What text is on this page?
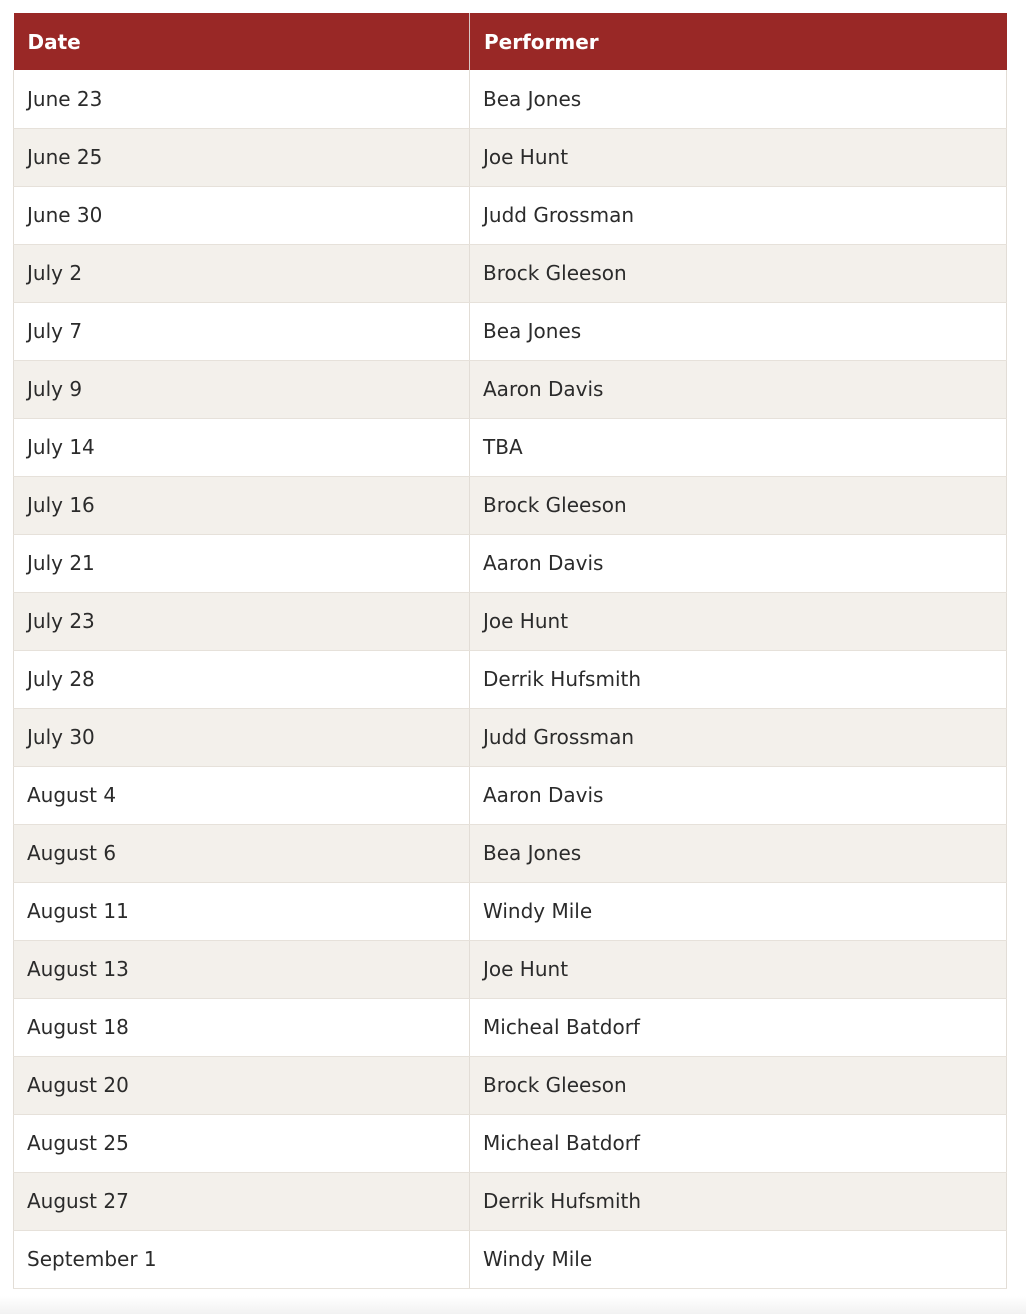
Date	Performer
June 23	Bea Jones
June 25	Joe Hunt
June 30	Judd Grossman
July 2	Brock Gleeson
July 7	Bea Jones
July 9	Aaron Davis
July 14	TBA
July 16	Brock Gleeson
July 21	Aaron Davis
July 23	Joe Hunt
July 28	Derrik Hufsmith
July 30	Judd Grossman
August 4	Aaron Davis
August 6	Bea Jones
August 11	Windy Mile
August 13	Joe Hunt
August 18	Micheal Batdorf
August 20	Brock Gleeson
August 25	Micheal Batdorf
August 27	Derrik Hufsmith
September 1	Windy Mile
